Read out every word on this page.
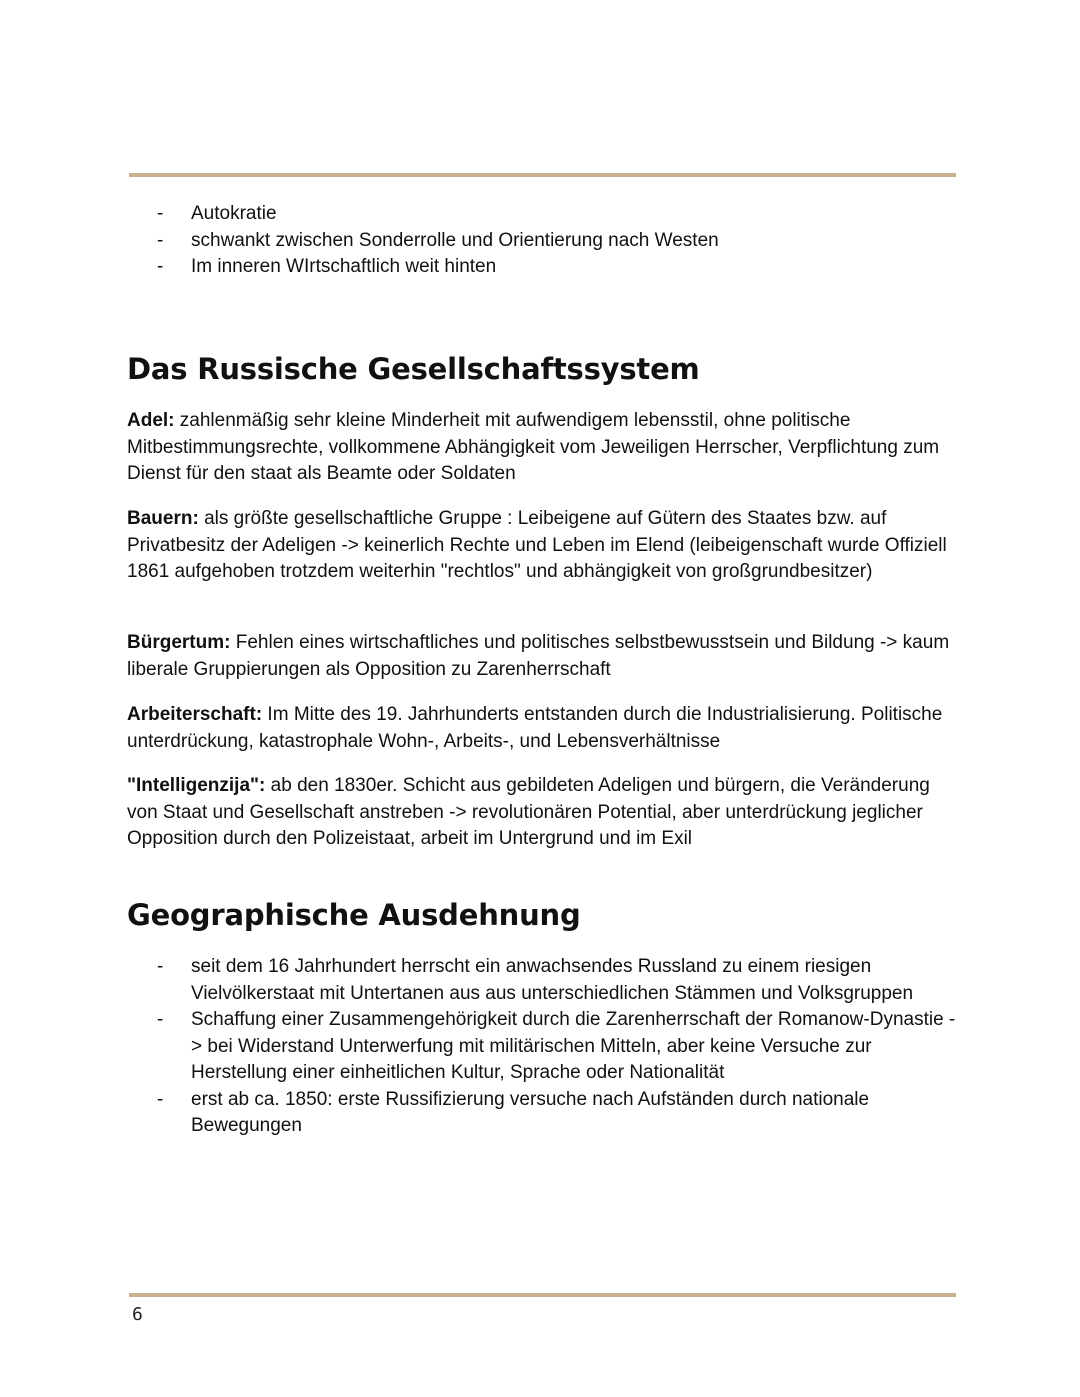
- Autokratie
- schwankt zwischen Sonderrolle und Orientierung nach Westen
- Im inneren WIrtschaftlich weit hinten
Das Russische Gesellschaftssystem

Adel: zahlenmäßig sehr kleine Minderheit mit aufwendigem lebensstil, ohne politische Mitbestimmungsrechte, vollkommene Abhängigkeit vom Jeweiligen Herrscher, Verpflichtung zum Dienst für den staat als Beamte oder Soldaten

Bauern: als größte gesellschaftliche Gruppe : Leibeigene auf Gütern des Staates bzw. auf Privatbesitz der Adeligen -> keinerlich Rechte und Leben im Elend (leibeigenschaft wurde Offiziell 1861 aufgehoben trotzdem weiterhin "rechtlos" und abhängigkeit von großgrundbesitzer)

Bürgertum: Fehlen eines wirtschaftliches und politisches selbstbewusstsein und Bildung -> kaum liberale Gruppierungen als Opposition zu Zarenherrschaft

Arbeiterschaft: Im Mitte des 19. Jahrhunderts entstanden durch die Industrialisierung. Politische unterdrückung, katastrophale Wohn-, Arbeits-, und Lebensverhältnisse

"Intelligenzija": ab den 1830er. Schicht aus gebildeten Adeligen und bürgern, die Veränderung von Staat und Gesellschaft anstreben -> revolutionären Potential, aber unterdrückung jeglicher Opposition durch den Polizeistaat, arbeit im Untergrund und im Exil

Geographische Ausdehnung
- seit dem 16 Jahrhundert herrscht ein anwachsendes Russland zu einem riesigen Vielvölkerstaat mit Untertanen aus aus unterschiedlichen Stämmen und Volksgruppen
- Schaffung einer Zusammengehörigkeit durch die Zarenherrschaft der Romanow-Dynastie -> bei Widerstand Unterwerfung mit militärischen Mitteln, aber keine Versuche zur Herstellung einer einheitlichen Kultur, Sprache oder Nationalität
- erst ab ca. 1850: erste Russifizierung versuche nach Aufständen durch nationale Bewegungen
6
